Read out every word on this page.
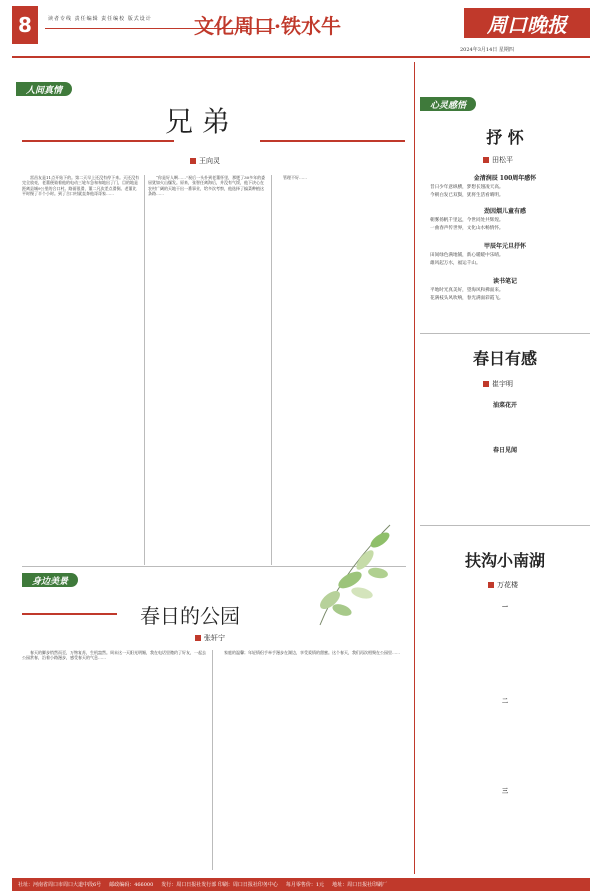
8	读者专线 责任编辑 责任编校 版式设计 文化周口·铁水牛	周口晚报
2024年3月14日 星期四
人间真情
兄 弟
王向灵

雷昌友是11点开始下的。第二天早上还没有停下来。天还没有完全放亮，老董便骑着他的电动三轮车急匆匆地出了门，目的地是距离县城9公里的合口村。路面很滑，董二凡次差点滑倒。老董比平时慢了半个小时。到了合口村就直奔他哥哥家……

“你是好人啊……”祝后一头扑到老董怀里，那肥了30多年的委屈犹如火山爆发。原来，张智任离海后，并没有气馁，他下决心在农村广阔的天地干出一番事业，给多次考察，他选择了搞菜种植这条路……

管理不好……

身边美景
春日的公园
张轩宁

春天的脚步悄然而至，万物复苏，生机盎然。周末这一天阳光明媚，我在电话里邀约了好友，一起去公园赏春，沿着小路漫步，感受春天的气息……

家庭的温馨；年轻情侣手牵手漫步在湖边，享受爱情的甜蜜。这个春天，我们再次相聚在公园里……

心灵感悟
抒 怀
田松平
金清润辰 100周年感怀
昔日少年意纵横，梦想长翅凌天高。
今朝白发已双鬓，犹将生活看晴明。
劲因烟儿童有感
朝雾扬帆千里远，今世同处共辉煌。
一曲春声传世界，文化山水畅情怀。
甲辰年元旦抒怀
田间绿色满地铺，新心暖暖中乐晴。
雄风起万水，福运千山。
读书笔记
平地时光真美好，望海风和拂面来。
花满枝头风吹响，春光满面彩霞飞。
春日有感
崔宇明
油菜花开
春日见闻
扶沟小南湖
万花楼
一
二
三
社址：河南省周口市周口大道中段6号 邮政编码：466000 发行：周口日报社发行部 印刷：周口日报社印务中心 每月零售价：1元 地址：周口日报社印刷厂
